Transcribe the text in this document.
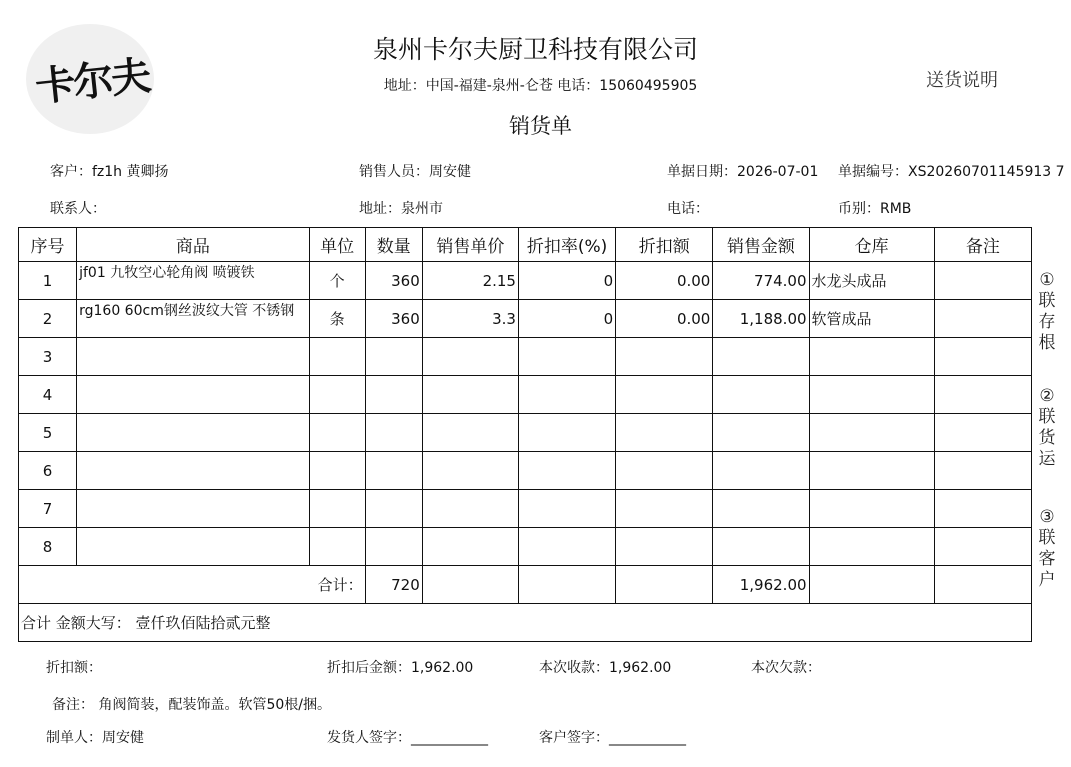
卡尔夫
泉州卡尔夫厨卫科技有限公司
地址：中国-福建-泉州-仑苍 电话：15060495905
销货单
送货说明
客户：fz1h 黄卿扬	销售人员：周安健	单据日期：2026-07-01 单据编号：XS20260701145913 7
联系人：	地址：泉州市	电话：	币别：RMB
序号	商品	单位	数量	销售单价	折扣率(%)	折扣额	销售金额	仓库	备注
1	jf01 九牧空心轮角阀 喷镀铁	个	360	2.15	0	0.00	774.00	水龙头成品	
2	rg160 60cm钢丝波纹大管 不锈钢	条	360	3.3	0	0.00	1,188.00	软管成品	
3									
4									
5									
6									
7									
8									
合计：			720				1,962.00		
合计 金额大写： 壹仟玖佰陆拾贰元整									
①
联
存
根
②
联
货
运
③
联
客
户
折扣额：	折扣后金额：1,962.00	本次收款：1,962.00	本次欠款：
备注： 角阀简装，配装饰盖。软管50根/捆。
制单人：周安健	发货人签字：___________	客户签字：___________
